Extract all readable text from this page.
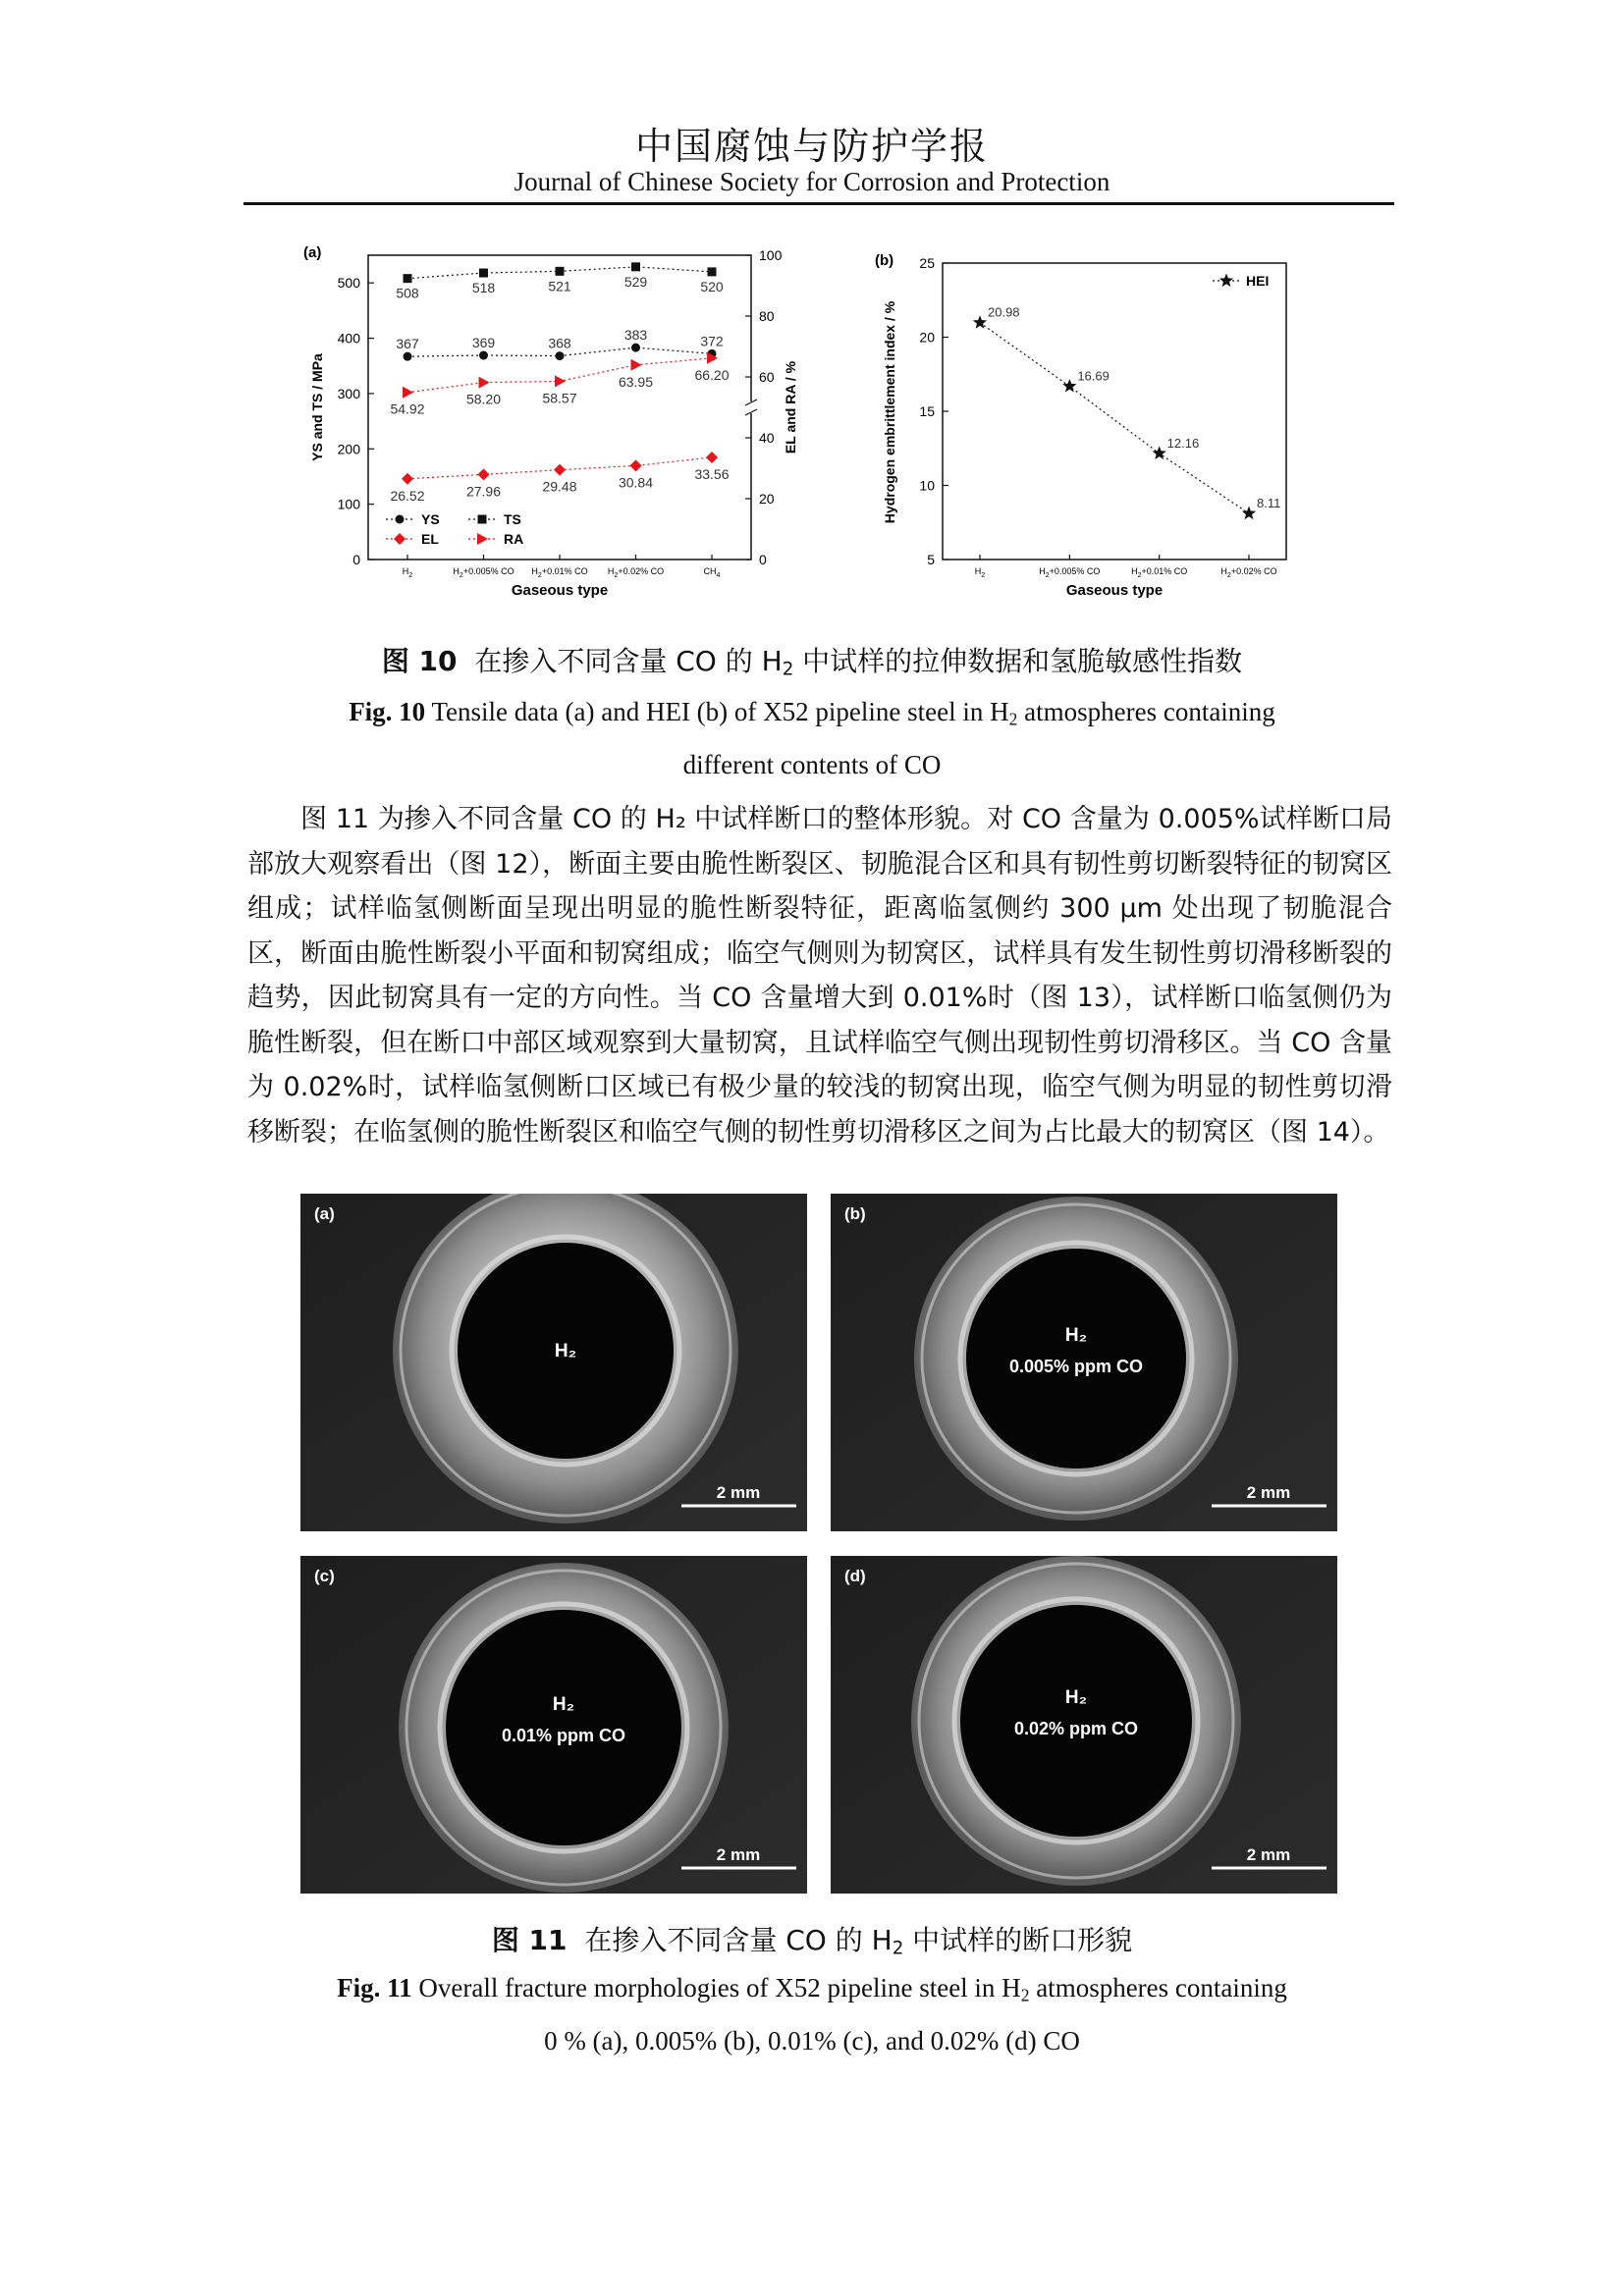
中国腐蚀与防护学报
Journal of Chinese Society for Corrosion and Protection
(a)
0
100
200
300
400
500
0
20
40
60
80
100
$H_2$	$H_2+0.005\%$ CO $H_2+0.01\%$ CO $H_2+0.02\%$ CO	$CH_4$
367	369	368
383	372
508	518	521	529	520
26.52	27.96	29.48	30.84
33.56
54.92
58.20	58.57
63.95	66.20
YS	TS
EL	RA
Gaseous type
YS and TS / MPa	EL and RA / %
(b)
5
10
15
20
25
$H_2$	$H_2+0.005\%$ CO	$H_2+0.01\%$ CO	$H_2+0.02\%$ CO
20.98
16.69
12.16
8.11
HEI
Gaseous type
Hydrogen embrittlement index / %
图 10 在掺入不同含量 CO 的 $H_2$ 中试样的拉伸数据和氢脆敏感性指数
Fig. 10 Tensile data (a) and HEI (b) of X52 pipeline steel in $H_2$ atmospheres containing
different contents of CO
图 11 为掺入不同含量 CO 的 H₂ 中试样断口的整体形貌。对 CO 含量为 0.005%试样断口局部放大观察看出（图 12），断面主要由脆性断裂区、韧脆混合区和具有韧性剪切断裂特征的韧窝区组成；试样临氢侧断面呈现出明显的脆性断裂特征，距离临氢侧约 300 μm 处出现了韧脆混合区，断面由脆性断裂小平面和韧窝组成；临空气侧则为韧窝区，试样具有发生韧性剪切滑移断裂的趋势，因此韧窝具有一定的方向性。当 CO 含量增大到 0.01%时（图 13），试样断口临氢侧仍为脆性断裂，但在断口中部区域观察到大量韧窝，且试样临空气侧出现韧性剪切滑移区。当 CO 含量为 0.02%时，试样临氢侧断口区域已有极少量的较浅的韧窝出现，临空气侧为明显的韧性剪切滑移断裂；在临氢侧的脆性断裂区和临空气侧的韧性剪切滑移区之间为占比最大的韧窝区（图 14）。
(a)
H₂
2 mm
(b)
H₂
0.005% ppm CO
2 mm
(c)
H₂
0.01% ppm CO
2 mm
(d)
H₂
0.02% ppm CO
2 mm
图 11 在掺入不同含量 CO 的 $H_2$ 中试样的断口形貌
Fig. 11 Overall fracture morphologies of X52 pipeline steel in $H_2$ atmospheres containing
0 % (a), 0.005% (b), 0.01% (c), and 0.02% (d) CO
